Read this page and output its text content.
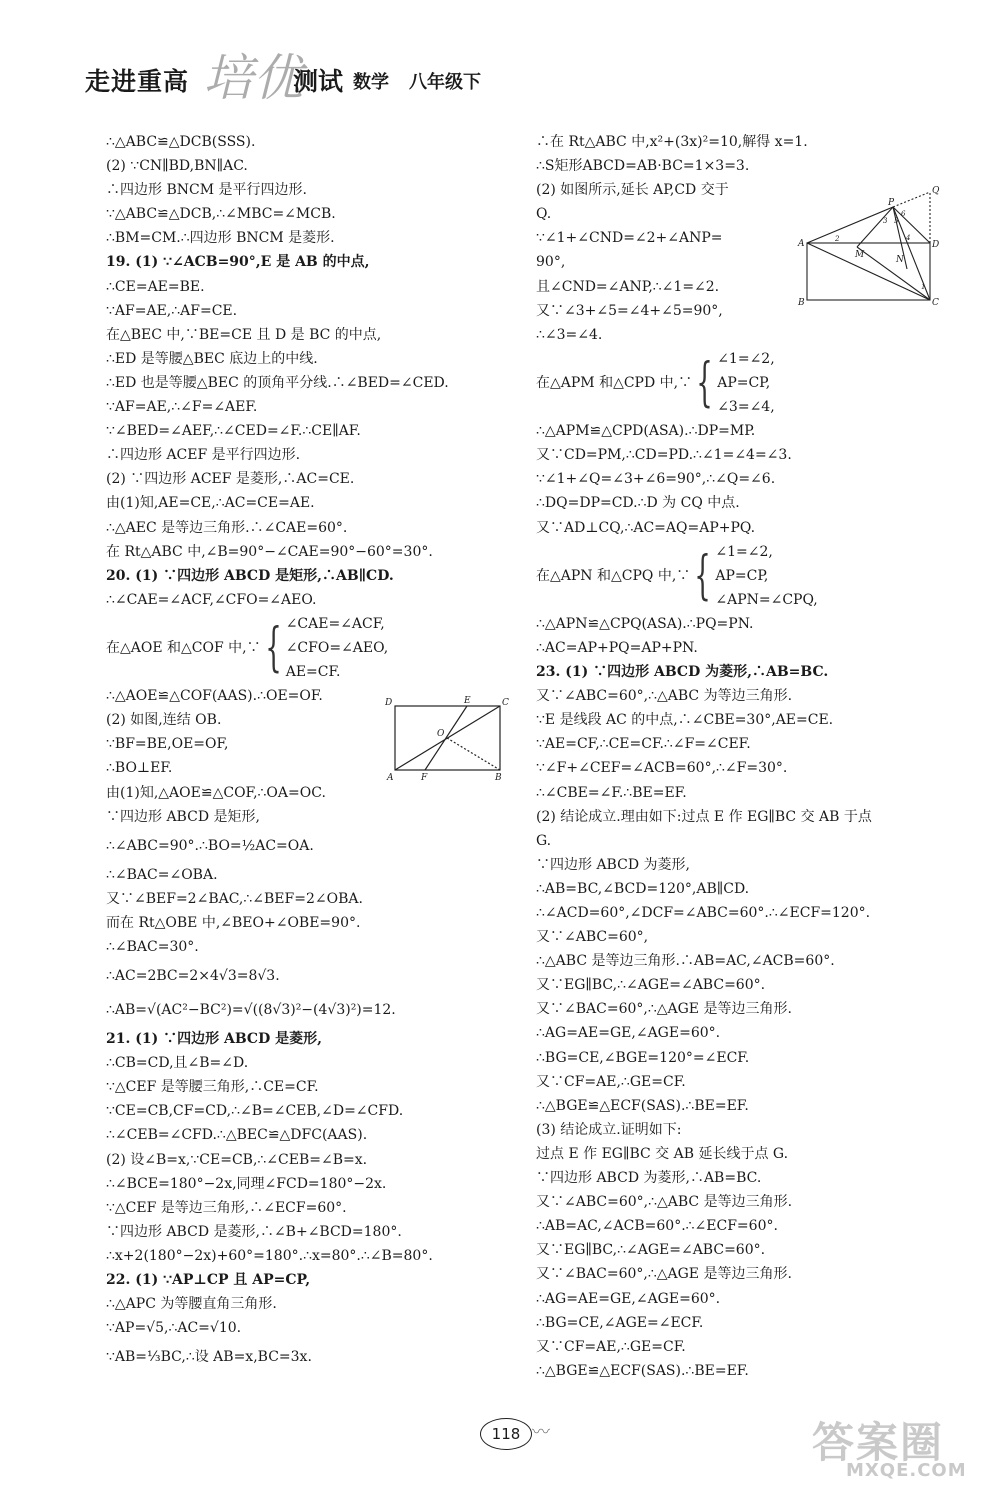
走进重高 培优
测试 数学 八年级下
∴△ABC≌△DCB(SSS).
(2) ∵CN∥BD,BN∥AC.
∴四边形 BNCM 是平行四边形.
∵△ABC≌△DCB,∴∠MBC=∠MCB.
∴BM=CM.∴四边形 BNCM 是菱形.
19. (1) ∵∠ACB=90°,E 是 AB 的中点,
∴CE=AE=BE.
∵AF=AE,∴AF=CE.
在△BEC 中,∵BE=CE 且 D 是 BC 的中点,
∴ED 是等腰△BEC 底边上的中线.
∴ED 也是等腰△BEC 的顶角平分线.∴∠BED=∠CED.
∵AF=AE,∴∠F=∠AEF.
∵∠BED=∠AEF,∴∠CED=∠F.∴CE∥AF.
∴四边形 ACEF 是平行四边形.
(2) ∵四边形 ACEF 是菱形,∴AC=CE.
由(1)知,AE=CE,∴AC=CE=AE.
∴△AEC 是等边三角形.∴∠CAE=60°.
在 Rt△ABC 中,∠B=90°−∠CAE=90°−60°=30°.
20. (1) ∵四边形 ABCD 是矩形,∴AB∥CD.
∴∠CAE=∠ACF,∠CFO=∠AEO.
在△AOE 和△COF 中,∵ { ∠CAE=∠ACF,
∠CFO=∠AEO,
AE=CF.
∴△AOE≌△COF(AAS).∴OE=OF.
(2) 如图,连结 OB.
∵BF=BE,OE=OF,
∴BO⊥EF.
由(1)知,△AOE≌△COF,∴OA=OC.
∵四边形 ABCD 是矩形,
∴∠ABC=90°.∴BO=½AC=OA.
∴∠BAC=∠OBA.
又∵∠BEF=2∠BAC,∴∠BEF=2∠OBA.
而在 Rt△OBE 中,∠BEO+∠OBE=90°.
∴∠BAC=30°.
∴AC=2BC=2×4√3=8√3.
∴AB=√(AC²−BC²)=√((8√3)²−(4√3)²)=12.
21. (1) ∵四边形 ABCD 是菱形,
∴CB=CD,且∠B=∠D.
∵△CEF 是等腰三角形,∴CE=CF.
∵CE=CB,CF=CD,∴∠B=∠CEB,∠D=∠CFD.
∴∠CEB=∠CFD.∴△BEC≌△DFC(AAS).
(2) 设∠B=x,∵CE=CB,∴∠CEB=∠B=x.
∴∠BCE=180°−2x,同理∠FCD=180°−2x.
∵△CEF 是等边三角形,∴∠ECF=60°.
∵四边形 ABCD 是菱形,∴∠B+∠BCD=180°.
∴x+2(180°−2x)+60°=180°.∴x=80°.∴∠B=80°.
22. (1) ∵AP⊥CP 且 AP=CP,
∴△APC 为等腰直角三角形.
∵AP=√5,∴AC=√10.
∵AB=⅓BC,∴设 AB=x,BC=3x.
D	E	C
O
A	F	B
∴在 Rt△ABC 中,x²+(3x)²=10,解得 x=1.
∴S矩形ABCD=AB·BC=1×3=3.
(2) 如图所示,延长 AP,CD 交于
Q.
∵∠1+∠CND=∠2+∠ANP=
90°,
且∠CND=∠ANP,∴∠1=∠2.
又∵∠3+∠5=∠4+∠5=90°,
∴∠3=∠4.
在△APM 和△CPD 中,∵ { ∠1=∠2,
AP=CP,
∠3=∠4,
∴△APM≌△CPD(ASA).∴DP=MP.
又∵CD=PM,∴CD=PD.∴∠1=∠4=∠3.
∵∠1+∠Q=∠3+∠6=90°,∴∠Q=∠6.
∴DQ=DP=CD.∴D 为 CQ 中点.
又∵AD⊥CQ,∴AC=AQ=AP+PQ.
在△APN 和△CPQ 中,∵ { ∠1=∠2,
AP=CP,
∠APN=∠CPQ,
∴△APN≌△CPQ(ASA).∴PQ=PN.
∴AC=AP+PQ=AP+PN.
23. (1) ∵四边形 ABCD 为菱形,∴AB=BC.
又∵∠ABC=60°,∴△ABC 为等边三角形.
∵E 是线段 AC 的中点,∴∠CBE=30°,AE=CE.
∵AE=CF,∴CE=CF.∴∠F=∠CEF.
∵∠F+∠CEF=∠ACB=60°,∴∠F=30°.
∴∠CBE=∠F.∴BE=EF.
(2) 结论成立.理由如下:过点 E 作 EG∥BC 交 AB 于点
G.
∵四边形 ABCD 为菱形,
∴AB=BC,∠BCD=120°,AB∥CD.
∴∠ACD=60°,∠DCF=∠ABC=60°.∴∠ECF=120°.
又∵∠ABC=60°,
∴△ABC 是等边三角形.∴AB=AC,∠ACB=60°.
又∵EG∥BC,∴∠AGE=∠ABC=60°.
又∵∠BAC=60°,∴△AGE 是等边三角形.
∴AG=AE=GE,∠AGE=60°.
∴BG=CE,∠BGE=120°=∠ECF.
又∵CF=AE,∴GE=CF.
∴△BGE≌△ECF(SAS).∴BE=EF.
(3) 结论成立.证明如下:
过点 E 作 EG∥BC 交 AB 延长线于点 G.
∵四边形 ABCD 为菱形,∴AB=BC.
又∵∠ABC=60°,∴△ABC 是等边三角形.
∴AB=AC,∠ACB=60°.∴∠ECF=60°.
又∵EG∥BC,∴∠AGE=∠ABC=60°.
又∵∠BAC=60°,∴△AGE 是等边三角形.
∴AG=AE=GE,∠AGE=60°.
∴BG=CE,∠AGE=∠ECF.
又∵CF=AE,∴GE=CF.
∴△BGE≌△ECF(SAS).∴BE=EF.
Q
P
A	D
M	N
B	C
1
2
3
4
5
6
118 〰	答案圈
MXQE.COM
